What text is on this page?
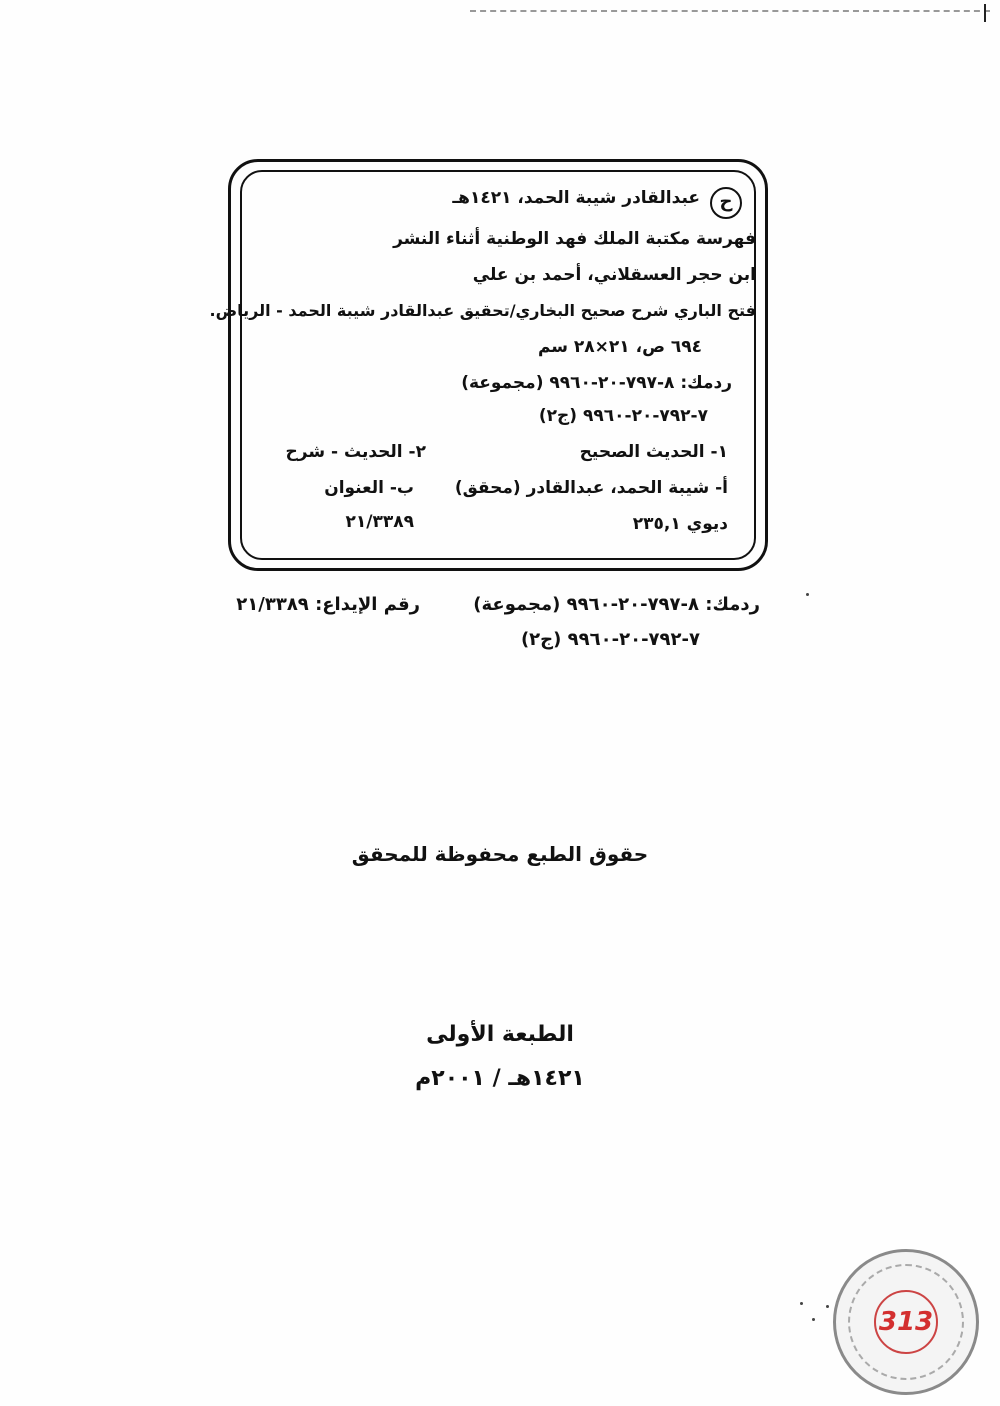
ح
عبدالقادر شيبة الحمد، ١٤٢١هـ
فهرسة مكتبة الملك فهد الوطنية أثناء النشر
ابن حجر العسقلاني، أحمد بن علي
فتح الباري شرح صحيح البخاري/تحقيق عبدالقادر شيبة الحمد - الرياض.
٦٩٤ ص، ٢١×٢٨ سم
ردمك: ٨-٧٩٧-٢٠-٩٩٦٠ (مجموعة)
٧-٧٩٢-٢٠-٩٩٦٠ (ج٢)
١- الحديث الصحيح
٢- الحديث - شرح
أ- شيبة الحمد، عبدالقادر (محقق)
ب- العنوان
ديوي ٢٣٥,١
٢١/٣٣٨٩
ردمك: ٨-٧٩٧-٢٠-٩٩٦٠ (مجموعة)
رقم الإيداع: ٢١/٣٣٨٩
٧-٧٩٢-٢٠-٩٩٦٠ (ج٢)
حقوق الطبع محفوظة للمحقق
الطبعة الأولى
١٤٢١هـ / ٢٠٠١م
313
